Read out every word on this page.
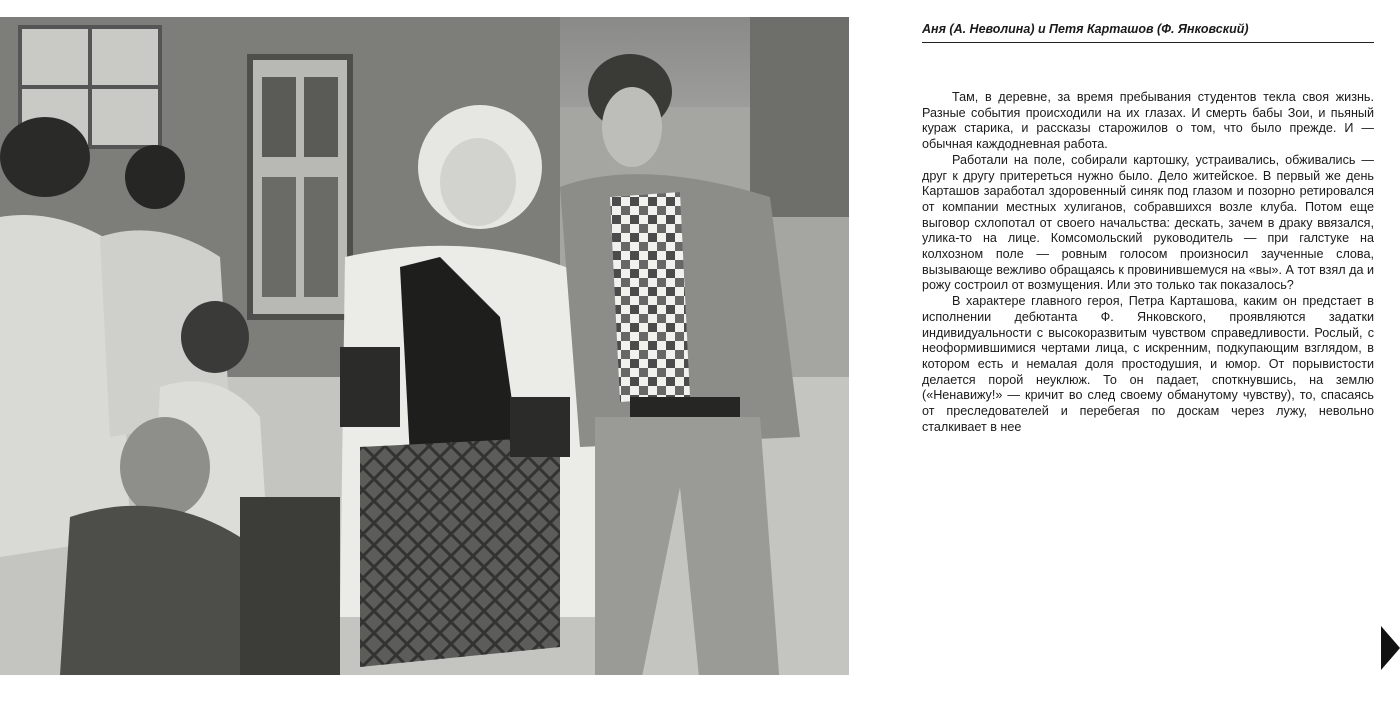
Аня (А. Неволина) и Петя Карташов (Ф. Янковский)

Там, в деревне, за время пребывания студентов текла своя жизнь. Разные события происходили на их глазах. И смерть бабы Зои, и пьяный кураж старика, и рассказы старожилов о том, что было прежде. И — обычная каждодневная работа.

Работали на поле, собирали картошку, устраивались, обживались — друг к другу притереться нужно было. Дело житейское. В первый же день Карташов заработал здоровенный синяк под глазом и позорно ретировался от компании местных хулиганов, собравшихся возле клуба. Потом еще выговор схлопотал от своего начальства: дескать, зачем в драку ввязался, улика-то на лице. Комсомольский руководитель — при галстуке на колхозном поле — ровным голосом произносил заученные слова, вызывающе вежливо обращаясь к провинившемуся на «вы». А тот взял да и рожу состроил от возмущения. Или это только так показалось?

В характере главного героя, Петра Карташова, каким он предстает в исполнении дебютанта Ф. Янковского, проявляются задатки индивидуальности с высокоразвитым чувством справедливости. Рослый, с неоформившимися чертами лица, с искренним, подкупающим взглядом, в котором есть и немалая доля простодушия, и юмор. От порывистости делается порой неуклюж. То он падает, споткнувшись, на землю («Ненавижу!» — кричит во след своему обманутому чувству), то, спасаясь от преследователей и перебегая по доскам через лужу, невольно сталкивает в нее
